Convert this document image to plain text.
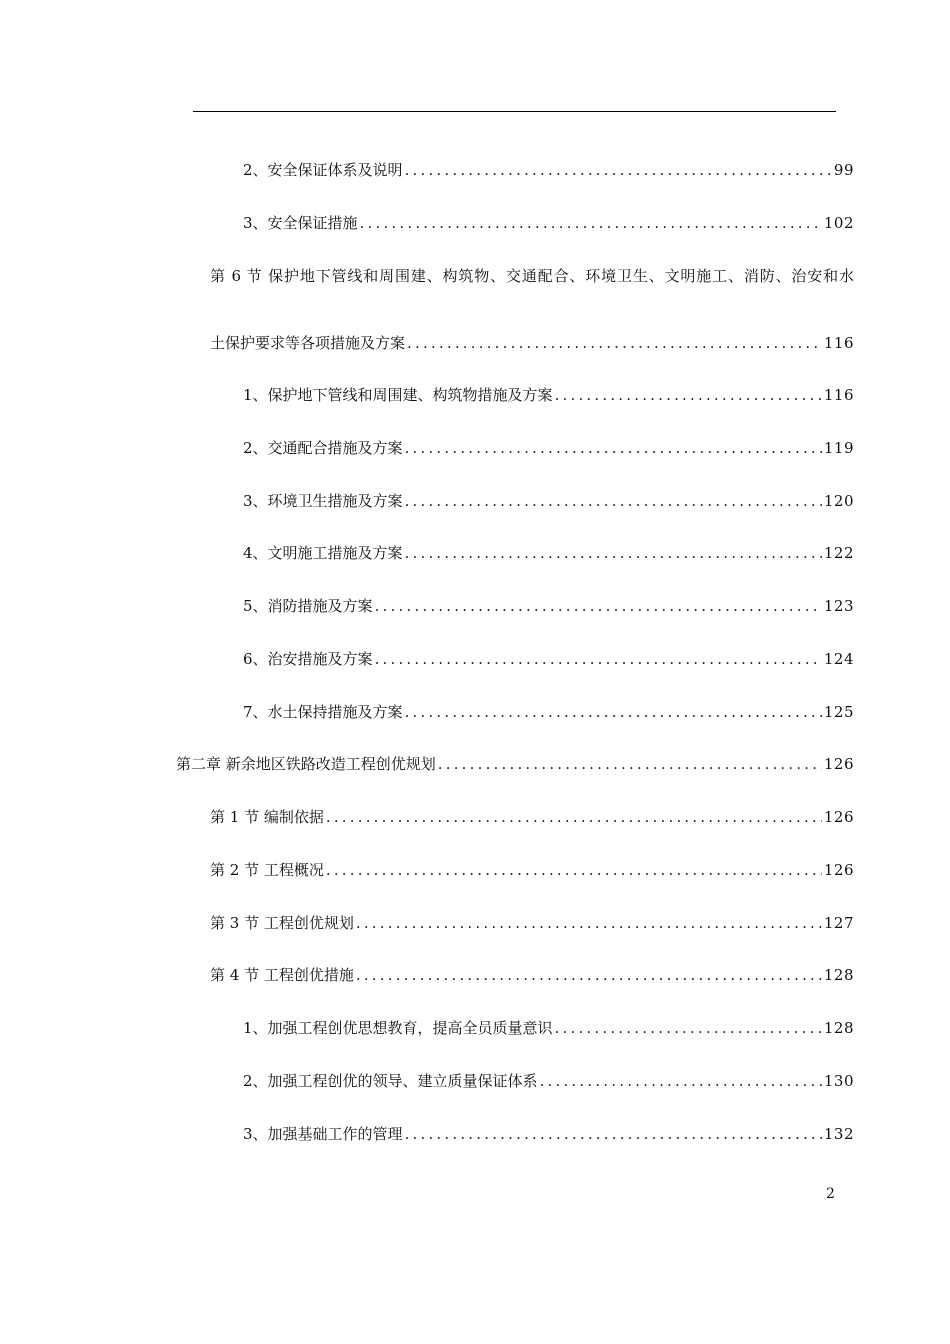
2、 安全保证体系及说明 .....	99
3、 安全保证措施 .....	102
第 6 节 保护地下管线和周围建、构筑物、交通配合、环境卫生、文明施工、消防、治安和水
土保护要求等各项措施及方案 .....	116
1、 保护地下管线和周围建、构筑物措施及方案 .....	116
2、 交通配合措施及方案 .....	119
3、 环境卫生措施及方案 .....	120
4、 文明施工措施及方案 .....	122
5、 消防措施及方案 .....	123
6、 治安措施及方案 .....	124
7、 水土保持措施及方案 .....	125
第二章 新余地区铁路改造工程创优规划 .....	126
第 1 节 编制依据 .....	126
第 2 节 工程概况 .....	126
第 3 节 工程创优规划 .....	127
第 4 节 工程创优措施 .....	128
1、 加强工程创优思想教育，提高全员质量意识 .....	128
2、 加强工程创优的领导、建立质量保证体系 .....	130
3、 加强基础工作的管理 .....	132
2
